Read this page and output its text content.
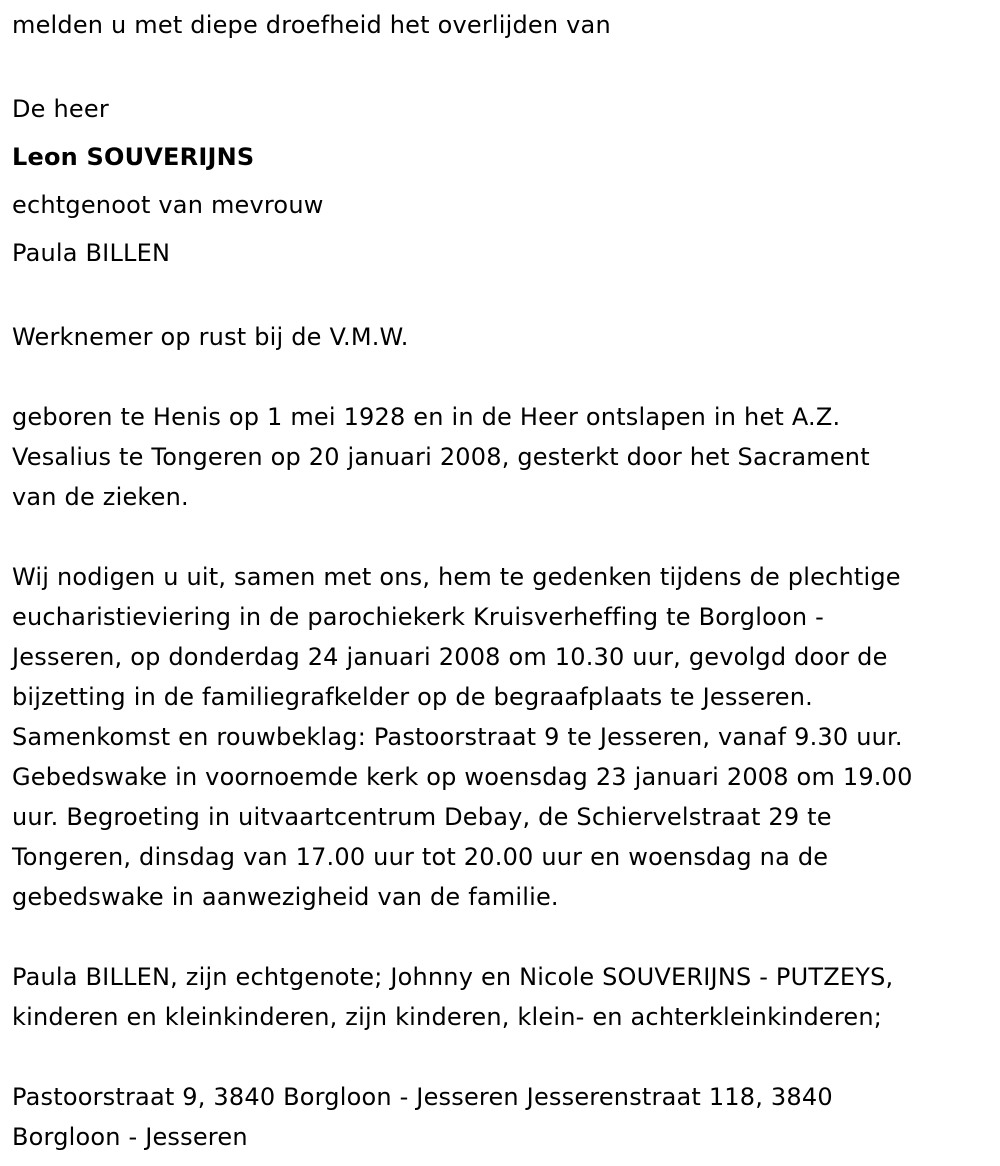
melden u met diepe droefheid het overlijden van

De heer

Leon SOUVERIJNS

echtgenoot van mevrouw

Paula BILLEN

Werknemer op rust bij de V.M.W.

geboren te Henis op 1 mei 1928 en in de Heer ontslapen in het A.Z.

Vesalius te Tongeren op 20 januari 2008, gesterkt door het Sacrament

van de zieken.

Wij nodigen u uit, samen met ons, hem te gedenken tijdens de plechtige

eucharistieviering in de parochiekerk Kruisverheffing te Borgloon -

Jesseren, op donderdag 24 januari 2008 om 10.30 uur, gevolgd door de

bijzetting in de familiegrafkelder op de begraafplaats te Jesseren.

Samenkomst en rouwbeklag: Pastoorstraat 9 te Jesseren, vanaf 9.30 uur.

Gebedswake in voornoemde kerk op woensdag 23 januari 2008 om 19.00

uur. Begroeting in uitvaartcentrum Debay, de Schiervelstraat 29 te

Tongeren, dinsdag van 17.00 uur tot 20.00 uur en woensdag na de

gebedswake in aanwezigheid van de familie.

Paula BILLEN, zijn echtgenote; Johnny en Nicole SOUVERIJNS - PUTZEYS,

kinderen en kleinkinderen, zijn kinderen, klein- en achterkleinkinderen;

Pastoorstraat 9, 3840 Borgloon - Jesseren Jesserenstraat 118, 3840

Borgloon - Jesseren
